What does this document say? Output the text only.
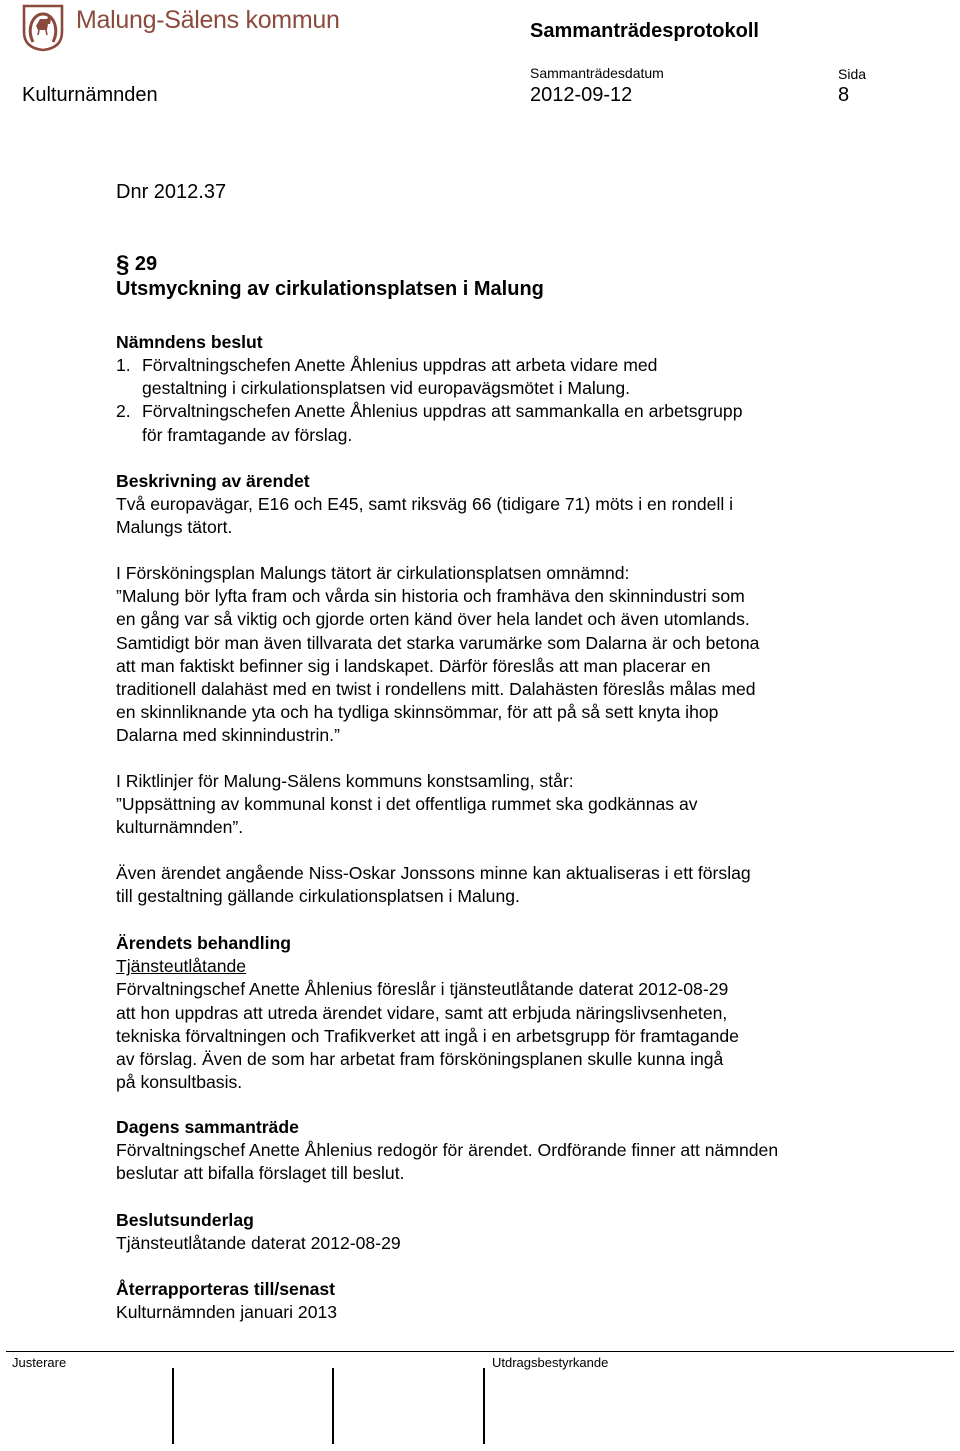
Malung-Sälens kommun	Sammanträdesprotokoll
Sammanträdesdatum	Sida
Kulturnämnden	2012-09-12	8
Dnr 2012.37
§ 29
Utsmyckning av cirkulationsplatsen i Malung
Nämndens beslut
1. Förvaltningschefen Anette Åhlenius uppdras att arbeta vidare med
gestaltning i cirkulationsplatsen vid europavägsmötet i Malung.
2. Förvaltningschefen Anette Åhlenius uppdras att sammankalla en arbetsgrupp
för framtagande av förslag.
Beskrivning av ärendet
Två europavägar, E16 och E45, samt riksväg 66 (tidigare 71) möts i en rondell i
Malungs tätort.
I Försköningsplan Malungs tätort är cirkulationsplatsen omnämnd:
”Malung bör lyfta fram och vårda sin historia och framhäva den skinnindustri som
en gång var så viktig och gjorde orten känd över hela landet och även utomlands.
Samtidigt bör man även tillvarata det starka varumärke som Dalarna är och betona
att man faktiskt befinner sig i landskapet. Därför föreslås att man placerar en
traditionell dalahäst med en twist i rondellens mitt. Dalahästen föreslås målas med
en skinnliknande yta och ha tydliga skinnsömmar, för att på så sett knyta ihop
Dalarna med skinnindustrin.”
I Riktlinjer för Malung-Sälens kommuns konstsamling, står:
”Uppsättning av kommunal konst i det offentliga rummet ska godkännas av
kulturnämnden”.
Även ärendet angående Niss-Oskar Jonssons minne kan aktualiseras i ett förslag
till gestaltning gällande cirkulationsplatsen i Malung.
Ärendets behandling
Tjänsteutlåtande
Förvaltningschef Anette Åhlenius föreslår i tjänsteutlåtande daterat 2012-08-29
att hon uppdras att utreda ärendet vidare, samt att erbjuda näringslivsenheten,
tekniska förvaltningen och Trafikverket att ingå i en arbetsgrupp för framtagande
av förslag. Även de som har arbetat fram försköningsplanen skulle kunna ingå
på konsultbasis.
Dagens sammanträde
Förvaltningschef Anette Åhlenius redogör för ärendet. Ordförande finner att nämnden
beslutar att bifalla förslaget till beslut.
Beslutsunderlag
Tjänsteutlåtande daterat 2012-08-29
Återrapporteras till/senast
Kulturnämnden januari 2013
Justerare	Utdragsbestyrkande
